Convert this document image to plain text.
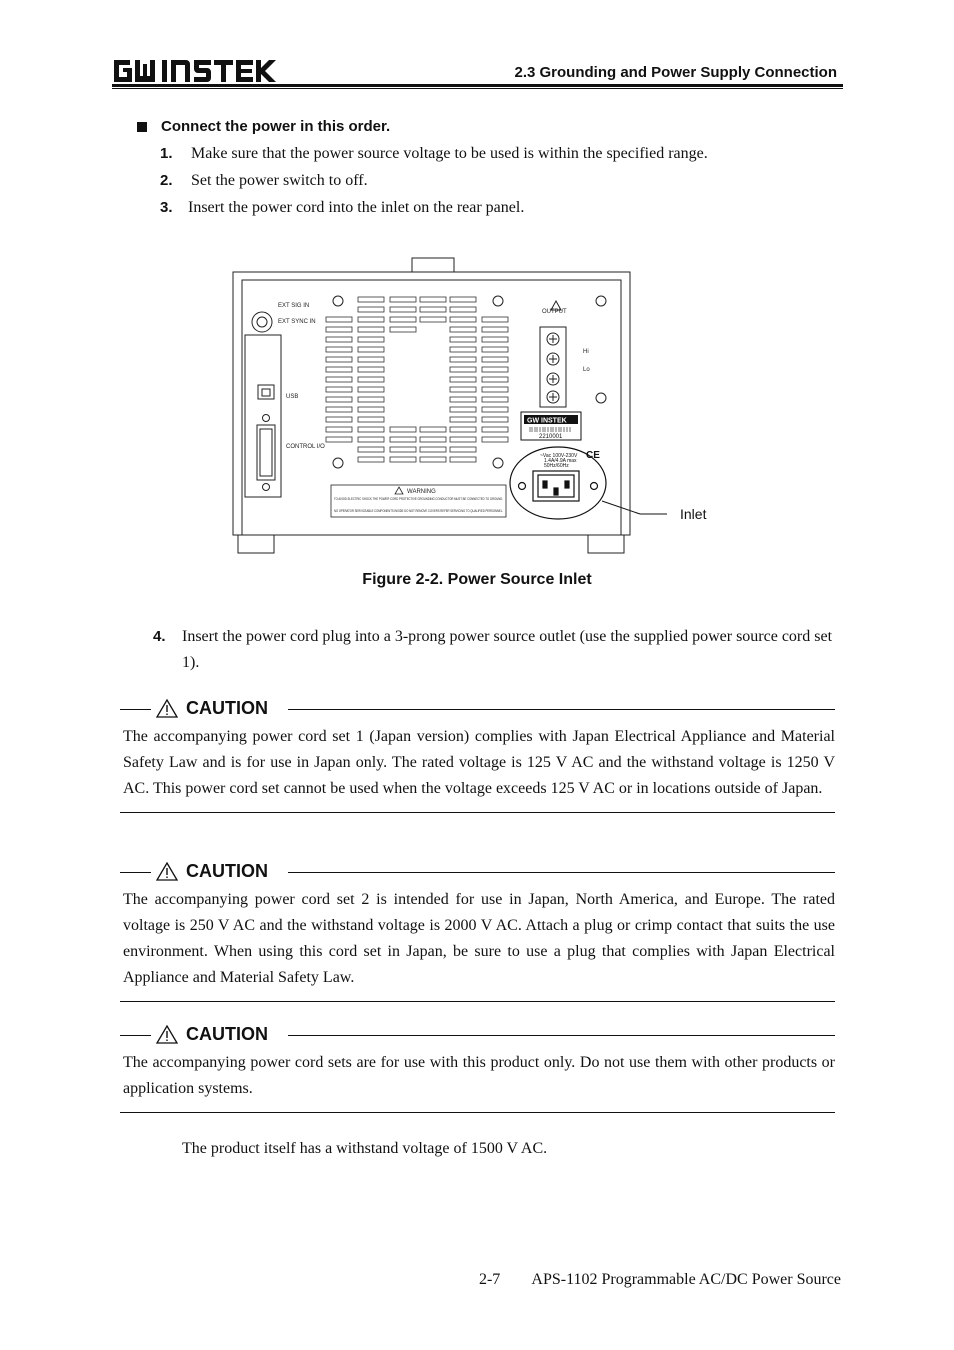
2.3 Grounding and Power Supply Connection
Connect the power in this order.
1.	Make sure that the power source voltage to be used is within the specified range.
2.	Set the power switch to off.
3. Insert the power cord into the inlet on the rear panel.
OUTPUT
Hi
Lo
EXT SIG IN
EXT SYNC IN
USB
CONTROL I/O
GW INSTEK
2210001
~Vac 100V-230V
1.4A/4.9A max
50Hz/60Hz
CE
WARNING
TO AVOID ELECTRIC SHOCK THE POWER CORD PROTECTIVE GROUNDING CONDUCTOR MUST BE CONNECTED TO GROUND.
NO OPERATOR SERVICEABLE COMPONENTS INSIDE DO NOT REMOVE COVERS REFER SERVICING TO QUALIFIED PERSONNEL.	Inlet
Figure 2-2. Power Source Inlet
4.	Insert the power cord plug into a 3-prong power source outlet (use the supplied power source cord set 1).
CAUTION
The accompanying power cord set 1 (Japan version) complies with Japan Electrical Appliance and Material Safety Law and is for use in Japan only. The rated voltage is 125 V AC and the withstand voltage is 1250 V AC. This power cord set cannot be used when the voltage exceeds 125 V AC or in locations outside of Japan.
CAUTION
The accompanying power cord set 2 is intended for use in Japan, North America, and Europe. The rated voltage is 250 V AC and the withstand voltage is 2000 V AC. Attach a plug or crimp contact that suits the use environment. When using this cord set in Japan, be sure to use a plug that complies with Japan Electrical Appliance and Material Safety Law.
CAUTION
The accompanying power cord sets are for use with this product only. Do not use them with other products or application systems.
The product itself has a withstand voltage of 1500 V AC.
2-7 APS-1102 Programmable AC/DC Power Source
